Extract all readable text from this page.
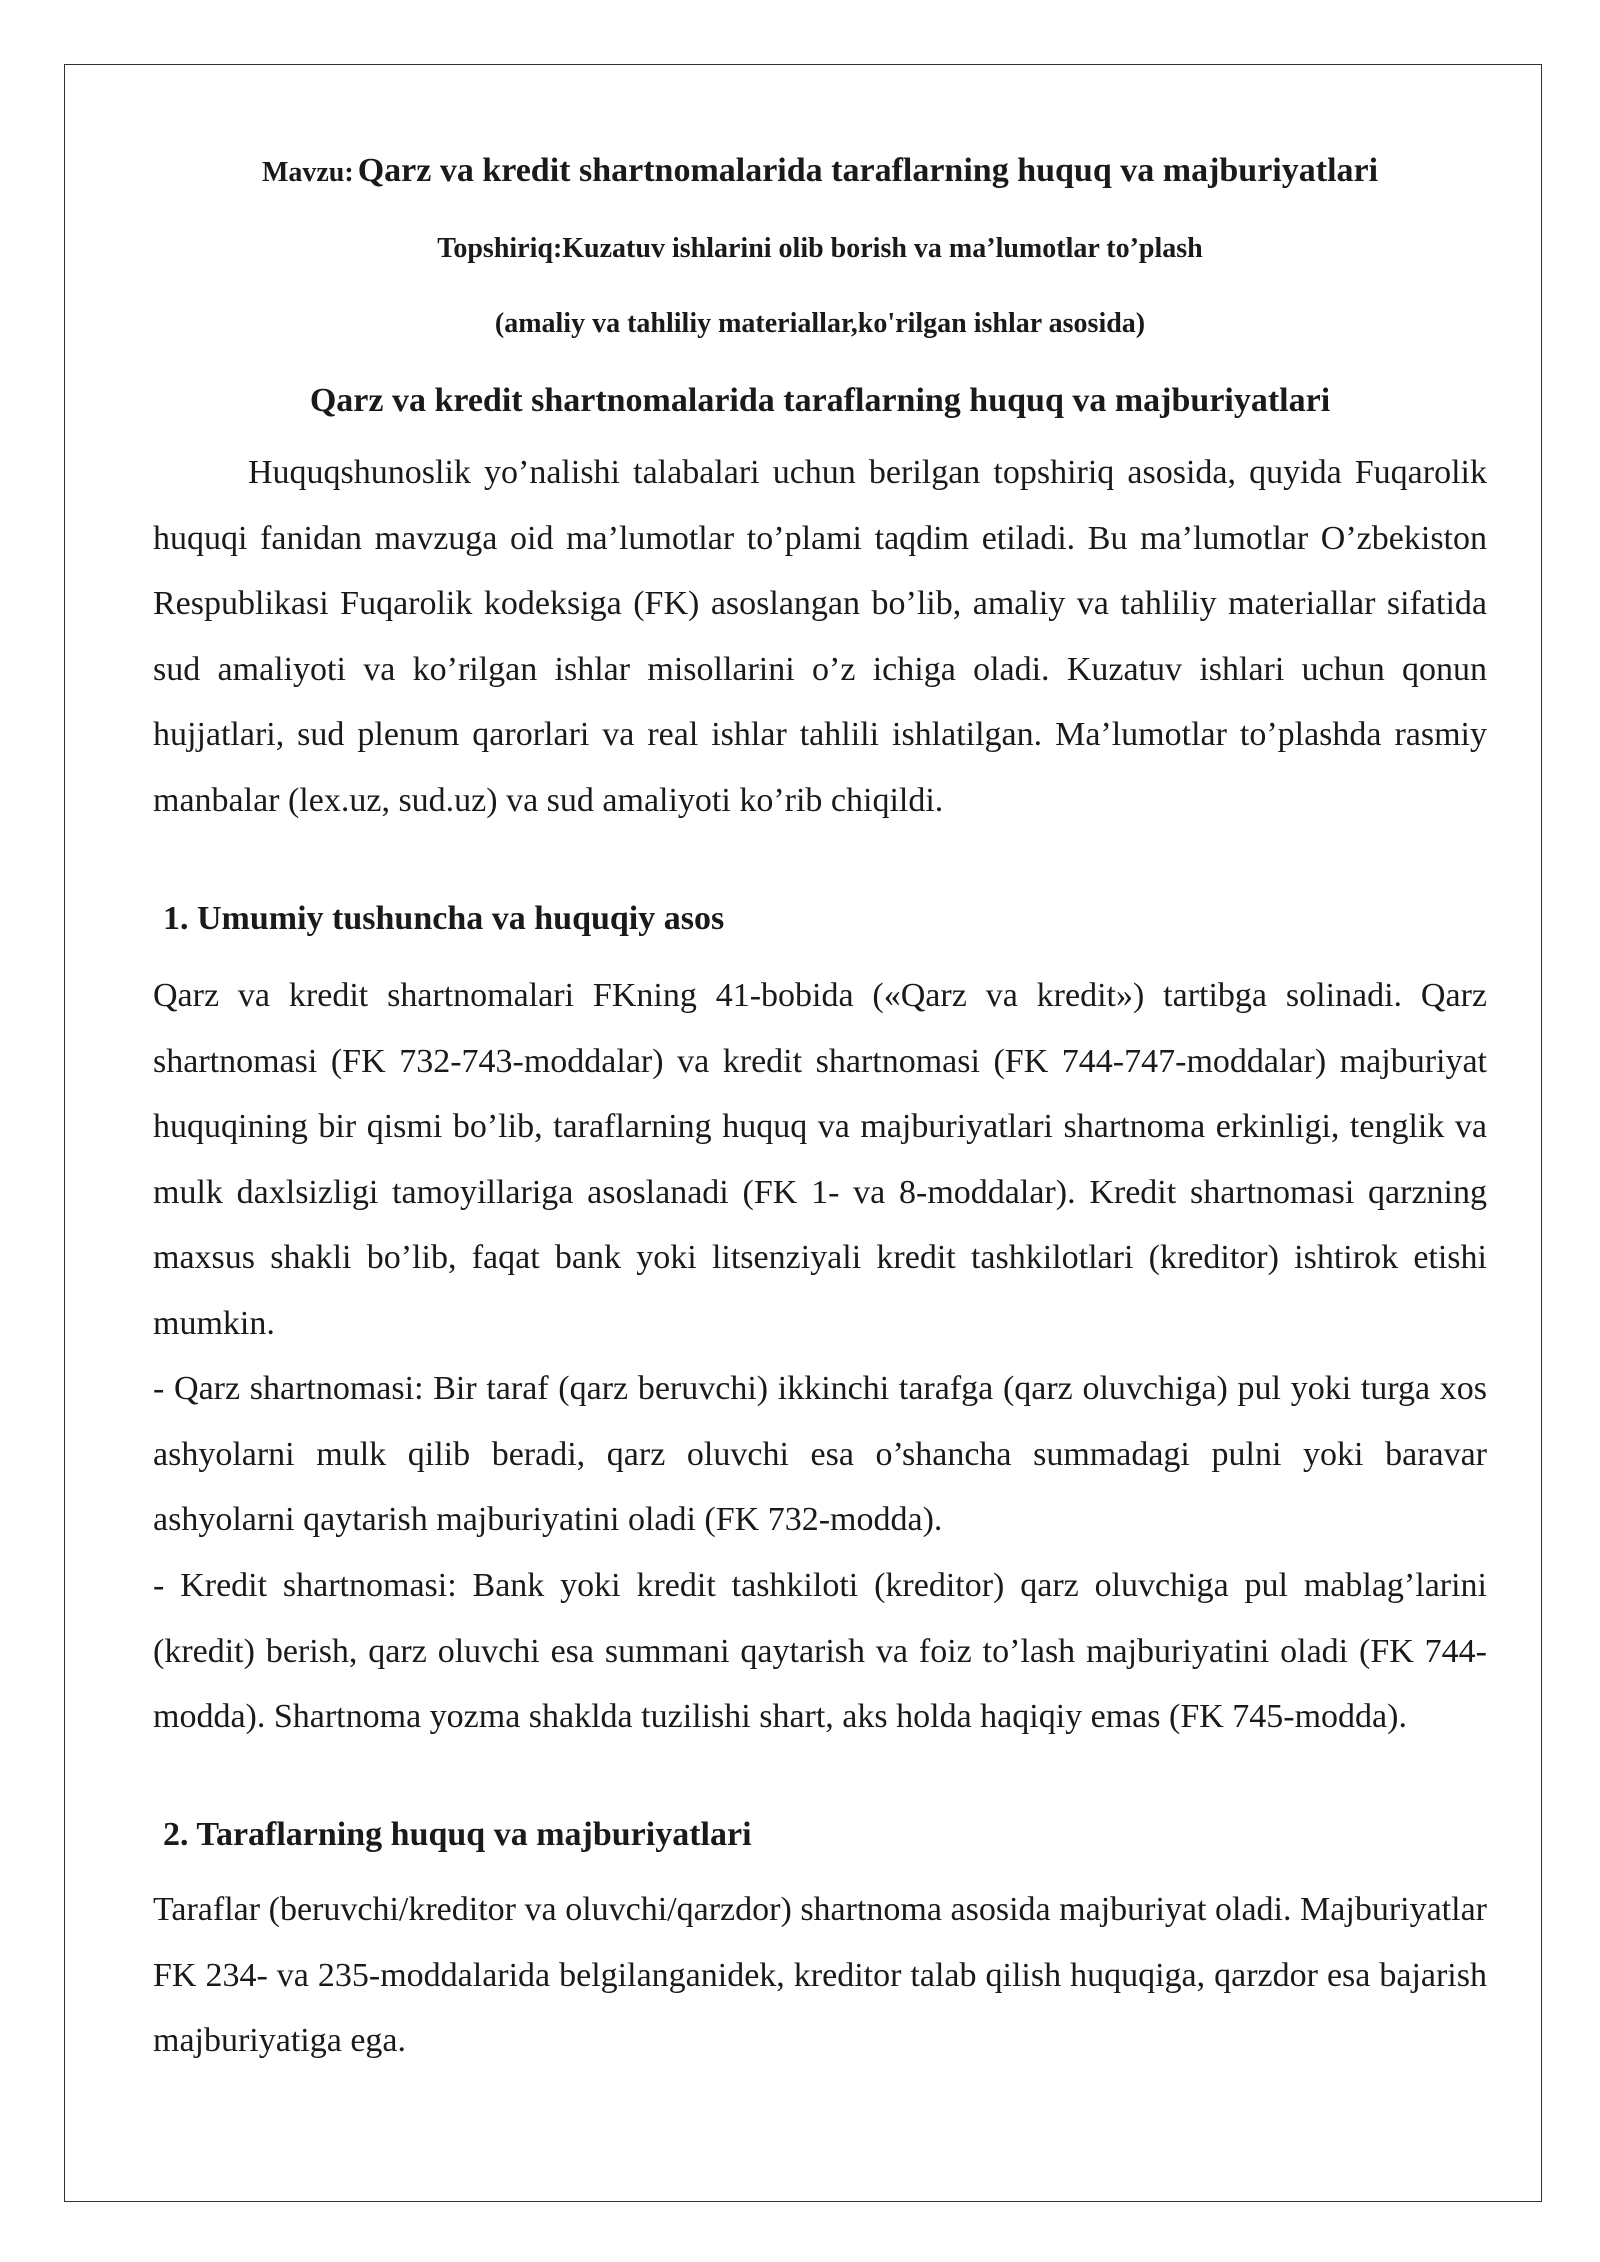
Mavzu: Qarz va kredit shartnomalarida taraflarning huquq va majburiyatlari
Topshiriq:Kuzatuv ishlarini olib borish va ma’lumotlar to’plash
(amaliy va tahliliy materiallar,ko'rilgan ishlar asosida)
Qarz va kredit shartnomalarida taraflarning huquq va majburiyatlari

Huquqshunoslik yo’nalishi talabalari uchun berilgan topshiriq asosida, quyida Fuqarolik huquqi fanidan mavzuga oid ma’lumotlar to’plami taqdim etiladi. Bu ma’lumotlar O’zbekiston Respublikasi Fuqarolik kodeksiga (FK) asoslangan bo’lib, amaliy va tahliliy materiallar sifatida sud amaliyoti va ko’rilgan ishlar misollarini o’z ichiga oladi. Kuzatuv ishlari uchun qonun hujjatlari, sud plenum qarorlari va real ishlar tahlili ishlatilgan. Ma’lumotlar to’plashda rasmiy manbalar (lex.uz, sud.uz) va sud amaliyoti ko’rib chiqildi.

1. Umumiy tushuncha va huquqiy asos

Qarz va kredit shartnomalari FKning 41-bobida («Qarz va kredit») tartibga solinadi. Qarz shartnomasi (FK 732-743-moddalar) va kredit shartnomasi (FK 744-747-moddalar) majburiyat huquqining bir qismi bo’lib, taraflarning huquq va majburiyatlari shartnoma erkinligi, tenglik va mulk daxlsizligi tamoyillariga asoslanadi (FK 1- va 8-moddalar). Kredit shartnomasi qarzning maxsus shakli bo’lib, faqat bank yoki litsenziyali kredit tashkilotlari (kreditor) ishtirok etishi mumkin.

- Qarz shartnomasi: Bir taraf (qarz beruvchi) ikkinchi tarafga (qarz oluvchiga) pul yoki turga xos ashyolarni mulk qilib beradi, qarz oluvchi esa o’shancha summadagi pulni yoki baravar ashyolarni qaytarish majburiyatini oladi (FK 732-modda).

- Kredit shartnomasi: Bank yoki kredit tashkiloti (kreditor) qarz oluvchiga pul mablag’larini (kredit) berish, qarz oluvchi esa summani qaytarish va foiz to’lash majburiyatini oladi (FK 744-modda). Shartnoma yozma shaklda tuzilishi shart, aks holda haqiqiy emas (FK 745-modda).

2. Taraflarning huquq va majburiyatlari

Taraflar (beruvchi/kreditor va oluvchi/qarzdor) shartnoma asosida majburiyat oladi. Majburiyatlar FK 234- va 235-moddalarida belgilanganidek, kreditor talab qilish huquqiga, qarzdor esa bajarish majburiyatiga ega.
